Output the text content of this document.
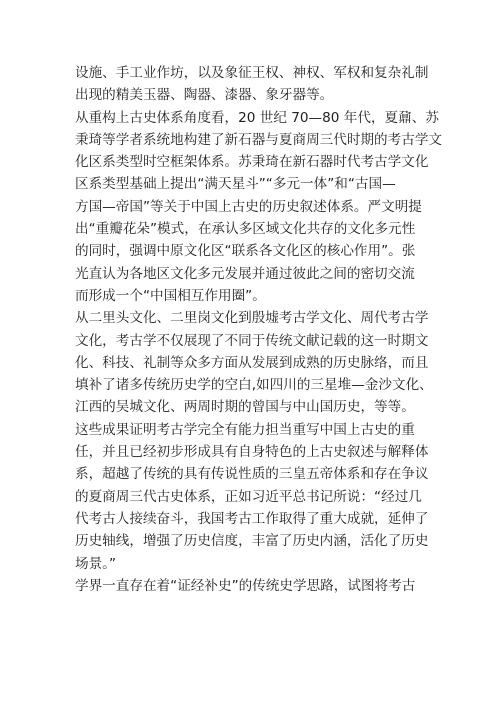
设施、手工业作坊，以及象征王权、神权、军权和复杂礼制
出现的精美玉器、陶器、漆器、象牙器等。
从重构上古史体系角度看，20 世纪 70—80 年代，夏鼐、苏
秉琦等学者系统地构建了新石器与夏商周三代时期的考古学文
化区系类型时空框架体系。苏秉琦在新石器时代考古学文化
区系类型基础上提出“满天星斗”“多元一体”和“古国—
方国—帝国”等关于中国上古史的历史叙述体系。严文明提
出“重瓣花朵”模式，在承认多区域文化共存的文化多元性
的同时，强调中原文化区“联系各文化区的核心作用”。张
光直认为各地区文化多元发展并通过彼此之间的密切交流
而形成一个“中国相互作用圈”。
从二里头文化、二里岗文化到殷墟考古学文化、周代考古学
文化，考古学不仅展现了不同于传统文献记载的这一时期文
化、科技、礼制等众多方面从发展到成熟的历史脉络，而且
填补了诸多传统历史学的空白,如四川的三星堆—金沙文化、
江西的吴城文化、两周时期的曾国与中山国历史，等等。
这些成果证明考古学完全有能力担当重写中国上古史的重
任，并且已经初步形成具有自身特色的上古史叙述与解释体
系，超越了传统的具有传说性质的三皇五帝体系和存在争议
的夏商周三代古史体系，正如习近平总书记所说：“经过几
代考古人接续奋斗，我国考古工作取得了重大成就，延伸了
历史轴线，增强了历史信度，丰富了历史内涵，活化了历史
场景。”
学界一直存在着“证经补史”的传统史学思路，试图将考古
